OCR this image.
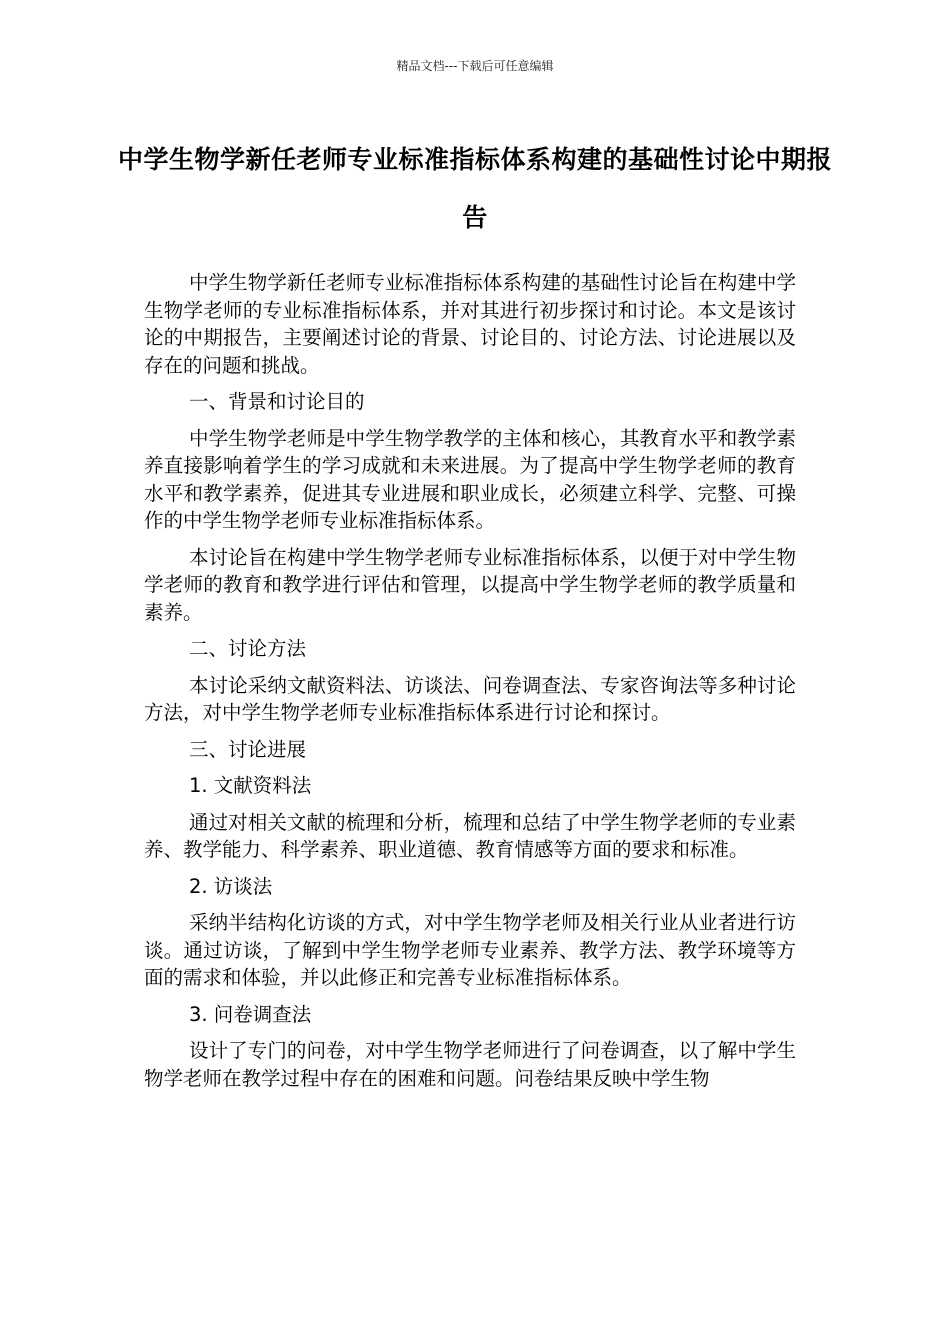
精品文档---下载后可任意编辑
中学生物学新任老师专业标准指标体系构建的基础性讨论中期报告

中学生物学新任老师专业标准指标体系构建的基础性讨论旨在构建中学生物学老师的专业标准指标体系，并对其进行初步探讨和讨论。本文是该讨论的中期报告，主要阐述讨论的背景、讨论目的、讨论方法、讨论进展以及存在的问题和挑战。

一、背景和讨论目的

中学生物学老师是中学生物学教学的主体和核心，其教育水平和教学素养直接影响着学生的学习成就和未来进展。为了提高中学生物学老师的教育水平和教学素养，促进其专业进展和职业成长，必须建立科学、完整、可操作的中学生物学老师专业标准指标体系。

本讨论旨在构建中学生物学老师专业标准指标体系，以便于对中学生物学老师的教育和教学进行评估和管理，以提高中学生物学老师的教学质量和素养。

二、讨论方法

本讨论采纳文献资料法、访谈法、问卷调查法、专家咨询法等多种讨论方法，对中学生物学老师专业标准指标体系进行讨论和探讨。

三、讨论进展

1. 文献资料法

通过对相关文献的梳理和分析，梳理和总结了中学生物学老师的专业素养、教学能力、科学素养、职业道德、教育情感等方面的要求和标准。

2. 访谈法

采纳半结构化访谈的方式，对中学生物学老师及相关行业从业者进行访谈。通过访谈，了解到中学生物学老师专业素养、教学方法、教学环境等方面的需求和体验，并以此修正和完善专业标准指标体系。

3. 问卷调查法

设计了专门的问卷，对中学生物学老师进行了问卷调查，以了解中学生物学老师在教学过程中存在的困难和问题。问卷结果反映中学生物
